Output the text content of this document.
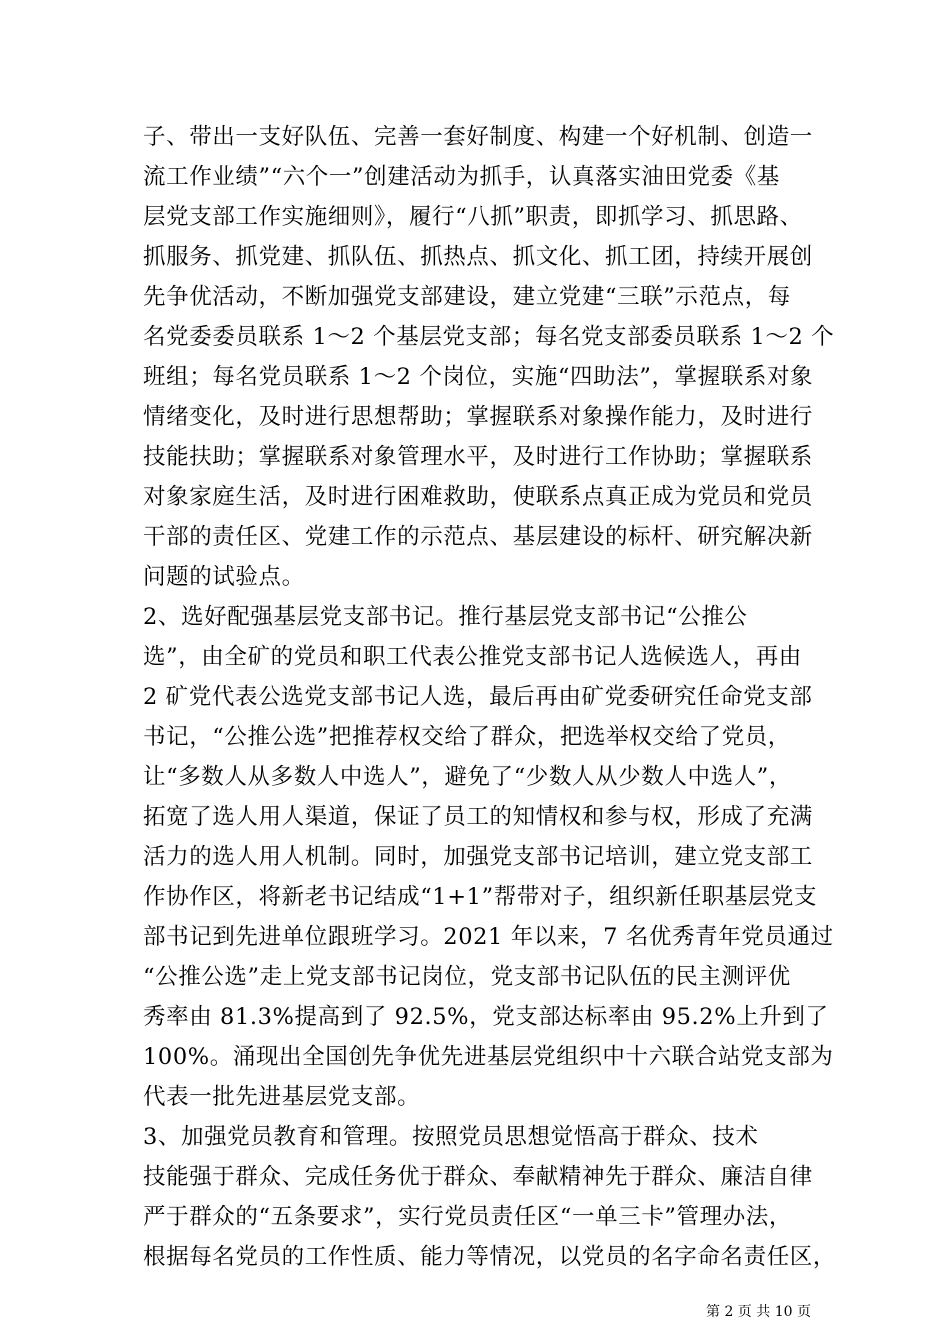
子、带出一支好队伍、完善一套好制度、构建一个好机制、创造一
流工作业绩”“六个一”创建活动为抓手，认真落实油田党委《基
层党支部工作实施细则》，履行“八抓”职责，即抓学习、抓思路、
抓服务、抓党建、抓队伍、抓热点、抓文化、抓工团，持续开展创
先争优活动，不断加强党支部建设，建立党建“三联”示范点，每
名党委委员联系 1～2 个基层党支部；每名党支部委员联系 1～2 个
班组；每名党员联系 1～2 个岗位，实施“四助法”，掌握联系对象
情绪变化，及时进行思想帮助；掌握联系对象操作能力，及时进行
技能扶助；掌握联系对象管理水平，及时进行工作协助；掌握联系
对象家庭生活，及时进行困难救助，使联系点真正成为党员和党员
干部的责任区、党建工作的示范点、基层建设的标杆、研究解决新
问题的试验点。
2、选好配强基层党支部书记。推行基层党支部书记“公推公
选”，由全矿的党员和职工代表公推党支部书记人选候选人，再由
2 矿党代表公选党支部书记人选，最后再由矿党委研究任命党支部
书记，“公推公选”把推荐权交给了群众，把选举权交给了党员，
让“多数人从多数人中选人”，避免了“少数人从少数人中选人”，
拓宽了选人用人渠道，保证了员工的知情权和参与权，形成了充满
活力的选人用人机制。同时，加强党支部书记培训，建立党支部工
作协作区，将新老书记结成“1+1”帮带对子，组织新任职基层党支
部书记到先进单位跟班学习。2021 年以来，7 名优秀青年党员通过
“公推公选”走上党支部书记岗位，党支部书记队伍的民主测评优
秀率由 81.3%提高到了 92.5%，党支部达标率由 95.2%上升到了
100%。涌现出全国创先争优先进基层党组织中十六联合站党支部为
代表一批先进基层党支部。
3、加强党员教育和管理。按照党员思想觉悟高于群众、技术
技能强于群众、完成任务优于群众、奉献精神先于群众、廉洁自律
严于群众的“五条要求”，实行党员责任区“一单三卡”管理办法，
根据每名党员的工作性质、能力等情况，以党员的名字命名责任区，
第 2 页 共 10 页
